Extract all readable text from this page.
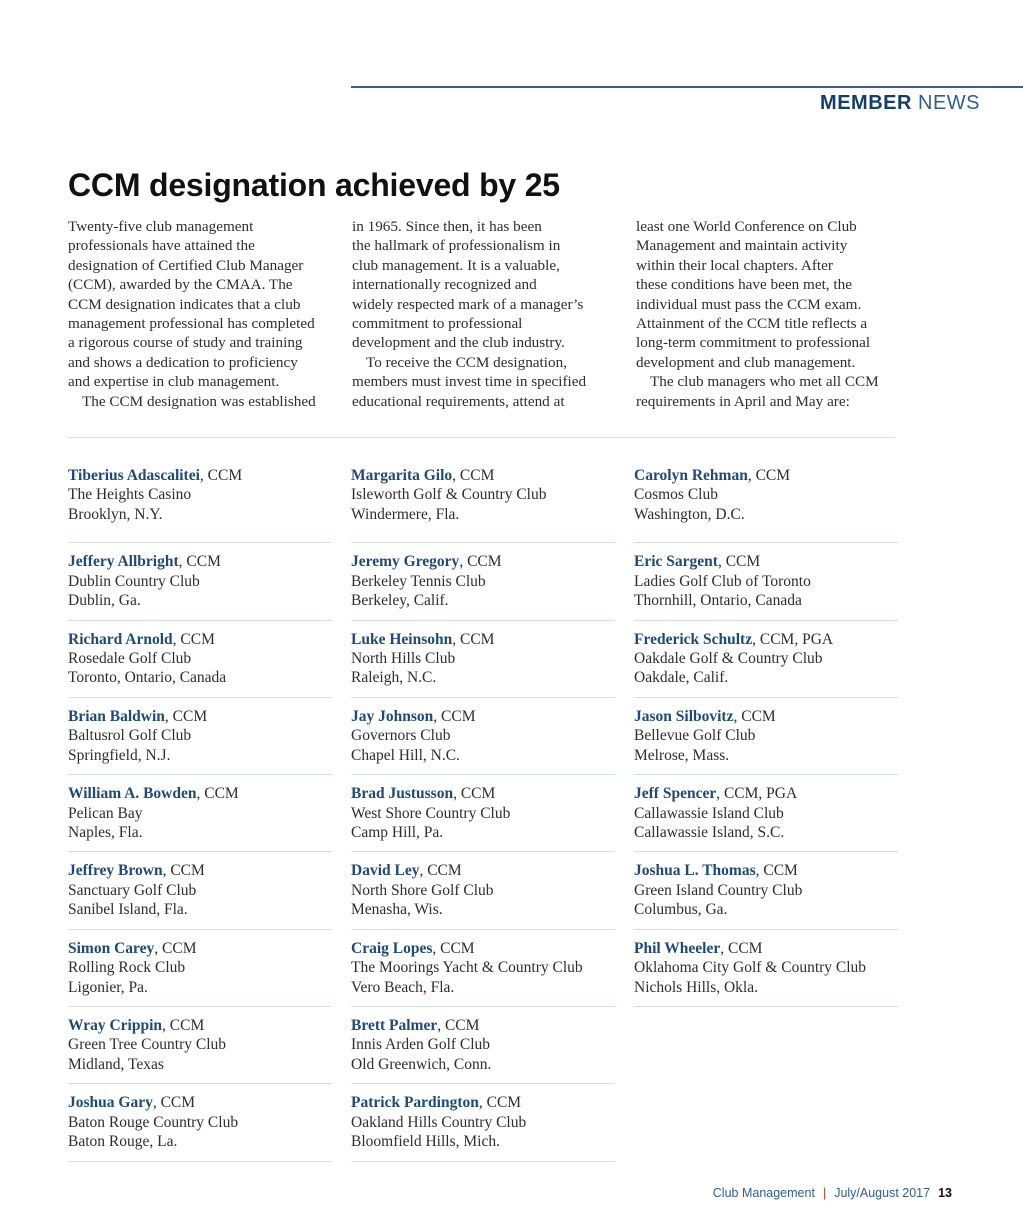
MEMBER NEWS
CCM designation achieved by 25
Twenty-five club management
professionals have attained the
designation of Certified Club Manager
(CCM), awarded by the CMAA. The
CCM designation indicates that a club
management professional has completed
a rigorous course of study and training
and shows a dedication to proficiency
and expertise in club management.
The CCM designation was established
in 1965. Since then, it has been
the hallmark of professionalism in
club management. It is a valuable,
internationally recognized and
widely respected mark of a manager’s
commitment to professional
development and the club industry.
To receive the CCM designation,
members must invest time in specified
educational requirements, attend at
least one World Conference on Club
Management and maintain activity
within their local chapters. After
these conditions have been met, the
individual must pass the CCM exam.
Attainment of the CCM title reflects a
long-term commitment to professional
development and club management.
The club managers who met all CCM
requirements in April and May are:
Tiberius Adascalitei, CCM
The Heights Casino
Brooklyn, N.Y.
Jeffery Allbright, CCM
Dublin Country Club
Dublin, Ga.
Richard Arnold, CCM
Rosedale Golf Club
Toronto, Ontario, Canada
Brian Baldwin, CCM
Baltusrol Golf Club
Springfield, N.J.
William A. Bowden, CCM
Pelican Bay
Naples, Fla.
Jeffrey Brown, CCM
Sanctuary Golf Club
Sanibel Island, Fla.
Simon Carey, CCM
Rolling Rock Club
Ligonier, Pa.
Wray Crippin, CCM
Green Tree Country Club
Midland, Texas
Joshua Gary, CCM
Baton Rouge Country Club
Baton Rouge, La.
Margarita Gilo, CCM
Isleworth Golf & Country Club
Windermere, Fla.
Jeremy Gregory, CCM
Berkeley Tennis Club
Berkeley, Calif.
Luke Heinsohn, CCM
North Hills Club
Raleigh, N.C.
Jay Johnson, CCM
Governors Club
Chapel Hill, N.C.
Brad Justusson, CCM
West Shore Country Club
Camp Hill, Pa.
David Ley, CCM
North Shore Golf Club
Menasha, Wis.
Craig Lopes, CCM
The Moorings Yacht & Country Club
Vero Beach, Fla.
Brett Palmer, CCM
Innis Arden Golf Club
Old Greenwich, Conn.
Patrick Pardington, CCM
Oakland Hills Country Club
Bloomfield Hills, Mich.
Carolyn Rehman, CCM
Cosmos Club
Washington, D.C.
Eric Sargent, CCM
Ladies Golf Club of Toronto
Thornhill, Ontario, Canada
Frederick Schultz, CCM, PGA
Oakdale Golf & Country Club
Oakdale, Calif.
Jason Silbovitz, CCM
Bellevue Golf Club
Melrose, Mass.
Jeff Spencer, CCM, PGA
Callawassie Island Club
Callawassie Island, S.C.
Joshua L. Thomas, CCM
Green Island Country Club
Columbus, Ga.
Phil Wheeler, CCM
Oklahoma City Golf & Country Club
Nichols Hills, Okla.
Club Management | July/August 2017 13
